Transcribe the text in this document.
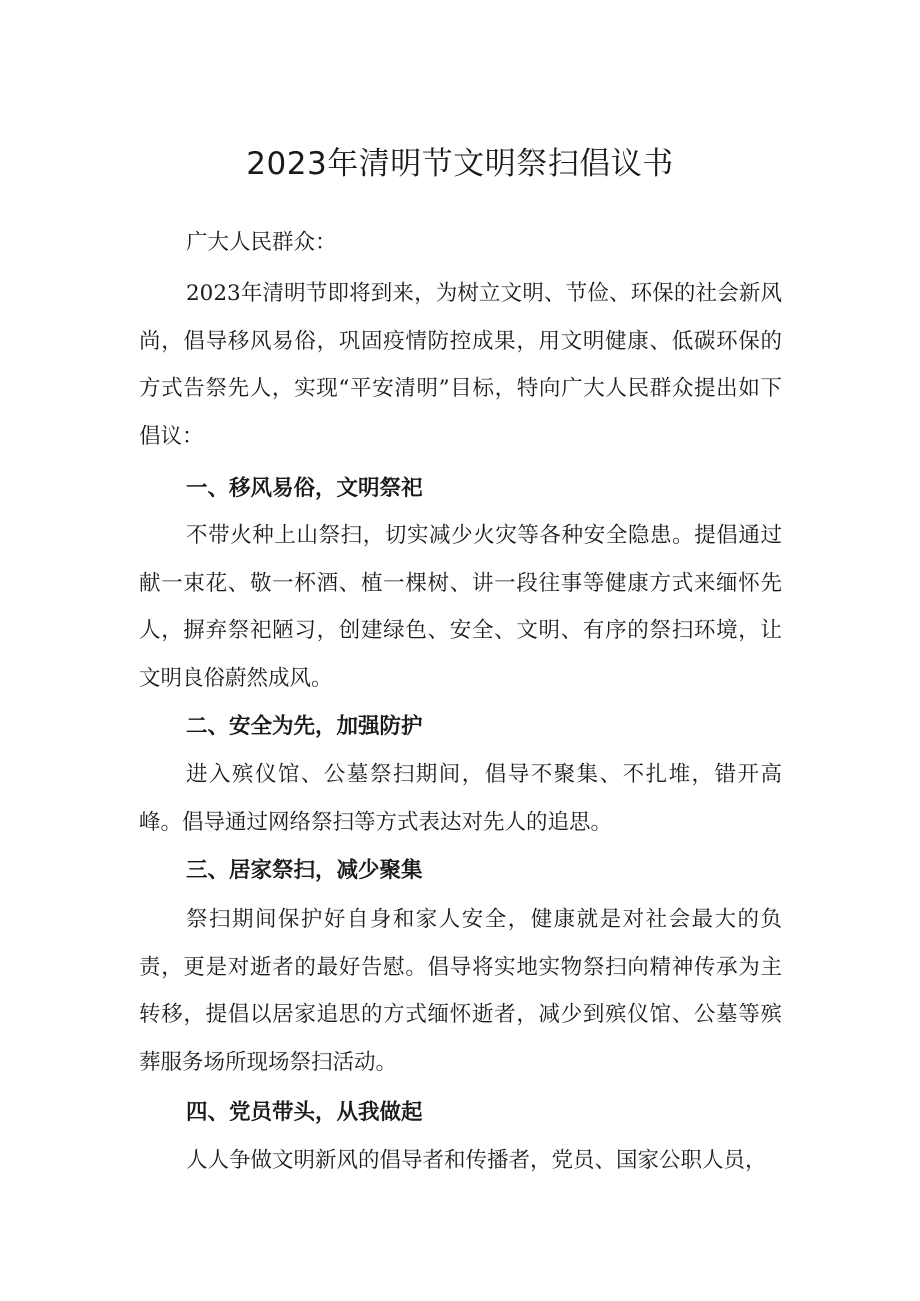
2023年清明节文明祭扫倡议书

广大人民群众：

2023年清明节即将到来，为树立文明、节俭、环保的社会新风尚，倡导移风易俗，巩固疫情防控成果，用文明健康、低碳环保的方式告祭先人，实现“平安清明”目标，特向广大人民群众提出如下倡议：

一、移风易俗，文明祭祀

不带火种上山祭扫，切实减少火灾等各种安全隐患。提倡通过献一束花、敬一杯酒、植一棵树、讲一段往事等健康方式来缅怀先人，摒弃祭祀陋习，创建绿色、安全、文明、有序的祭扫环境，让文明良俗蔚然成风。

二、安全为先，加强防护

进入殡仪馆、公墓祭扫期间，倡导不聚集、不扎堆，错开高峰。倡导通过网络祭扫等方式表达对先人的追思。

三、居家祭扫，减少聚集

祭扫期间保护好自身和家人安全，健康就是对社会最大的负责，更是对逝者的最好告慰。倡导将实地实物祭扫向精神传承为主转移，提倡以居家追思的方式缅怀逝者，减少到殡仪馆、公墓等殡葬服务场所现场祭扫活动。

四、党员带头，从我做起

人人争做文明新风的倡导者和传播者，党员、国家公职人员，
